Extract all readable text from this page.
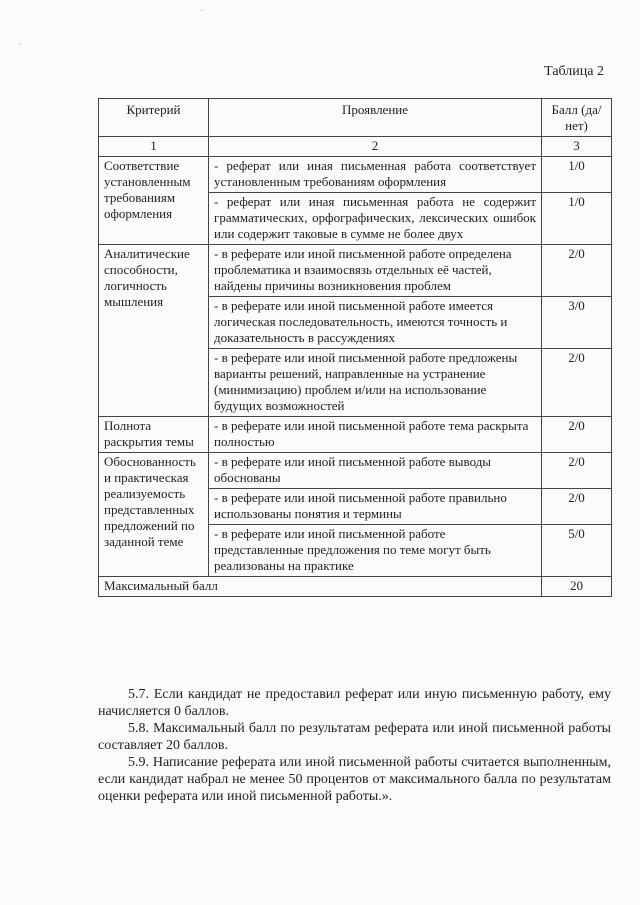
·
·
Таблица 2
Критерий	Проявление	Балл (да/нет)
1	2	3
Соответствие установленным требованиям оформления	- реферат или иная письменная работа соответствует установленным требованиям оформления	1/0
	- реферат или иная письменная работа не содержит грамматических, орфографических, лексических ошибок или содержит таковые в сумме не более двух	1/0
Аналитические способности, логичность мышления	- в реферате или иной письменной работе определена проблематика и взаимосвязь отдельных её частей, найдены причины возникновения проблем	2/0
	- в реферате или иной письменной работе имеется логическая последовательность, имеются точность и доказательность в рассуждениях	3/0
	- в реферате или иной письменной работе предложены варианты решений, направленные на устранение (минимизацию) проблем и/или на использование будущих возможностей	2/0
Полнота раскрытия темы	- в реферате или иной письменной работе тема раскрыта полностью	2/0
Обоснованность и практическая реализуемость представленных предложений по заданной теме	- в реферате или иной письменной работе выводы обоснованы	2/0
	- в реферате или иной письменной работе правильно использованы понятия и термины	2/0
	- в реферате или иной письменной работе представленные предложения по теме могут быть реализованы на практике	5/0
Максимальный балл		20

5.7. Если кандидат не предоставил реферат или иную письменную работу, ему начисляется 0 баллов.

5.8. Максимальный балл по результатам реферата или иной письменной работы составляет 20 баллов.

5.9. Написание реферата или иной письменной работы считается выполненным, если кандидат набрал не менее 50 процентов от максимального балла по результатам оценки реферата или иной письменной работы.».
